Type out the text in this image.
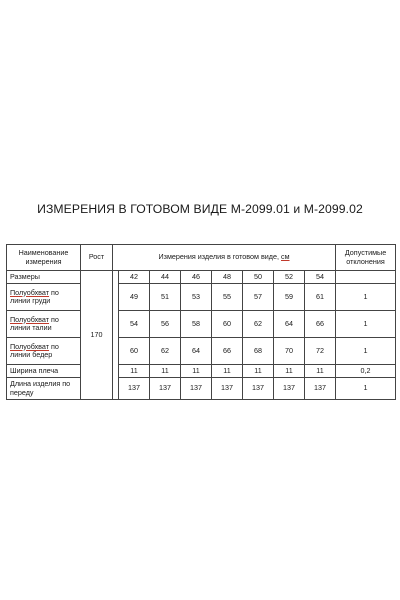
ИЗМЕРЕНИЯ В ГОТОВОМ ВИДЕ М-2099.01 и М-2099.02
Наименование
измерения	Рост	Измерения изделия в готовом виде, см								Допустимые
отклонения
Размеры	170		42	44	46	48	50	52	54	
Полуобхват по
линии груди			49	51	53	55	57	59	61	1
Полуобхват по
линии талии			54	56	58	60	62	64	66	1
Полуобхват по
линии бедер			60	62	64	66	68	70	72	1
Ширина плеча			11	11	11	11	11	11	11	0,2
Длина изделия по
переду			137	137	137	137	137	137	137	1
